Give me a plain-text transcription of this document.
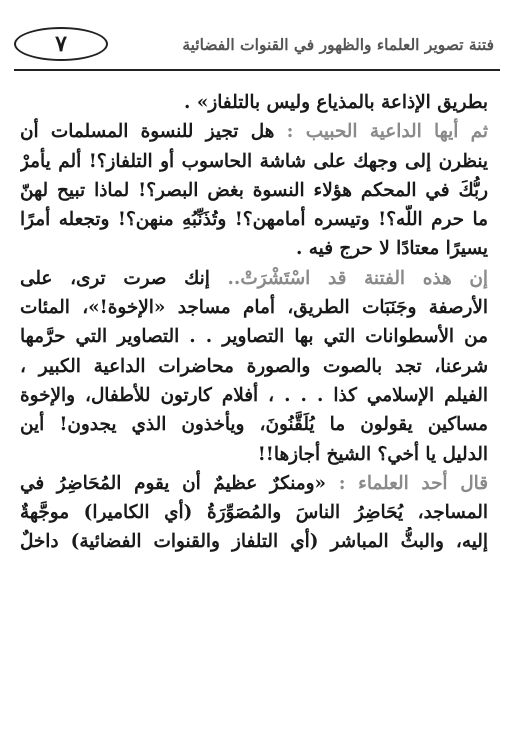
٧	فتنة تصوير العلماء والظهور في القنوات الفضائية
بطريق الإذاعة بالمذياع وليس بالتلفاز» .
ثم أيها الداعية الحبيب : هل تجيز للنسوة المسلمات أن
ينظرن إلى وجهك على شاشة الحاسوب أو التلفاز؟! ألم يأمرْ
ربُّكَ في المحكم هؤلاء النسوة بغض البصر؟! لماذا تبيح لهنّ
ما حرم اللَّه؟! وتيسره أمامهن؟! وتُذَنِّبُهِ منهن؟! وتجعله أمرًا
يسيرًا معتادًا لا حرج فيه .
إن هذه الفتنة قد اسْتَشْرَتْ.. إنك صرت ترى، على
الأرصفة وجَنَبَات الطريق، أمام مساجد «الإخوة!»، المئات
من الأسطوانات التي بها التصاوير . . التصاوير التي حرَّمها
شرعنا، تجد بالصوت والصورة محاضرات الداعية الكبير ،
الفيلم الإسلامي كذا . . . ، أفلام كارتون للأطفال، والإخوة
مساكين يقولون ما يُلَقَّنُونَ، ويأخذون الذي يجدون! أين
الدليل يا أخي؟ الشيخ أجازها!!
قال أحد العلماء : «ومنكرٌ عظيمٌ أن يقوم المُحَاضِرُ في
المساجد، يُحَاضِرُ الناسَ والمُصَوِّرَةُ (أي الكاميرا) موجَّهةٌ
إليه، والبثُّ المباشر (أي التلفاز والقنوات الفضائية) داخلٌ
